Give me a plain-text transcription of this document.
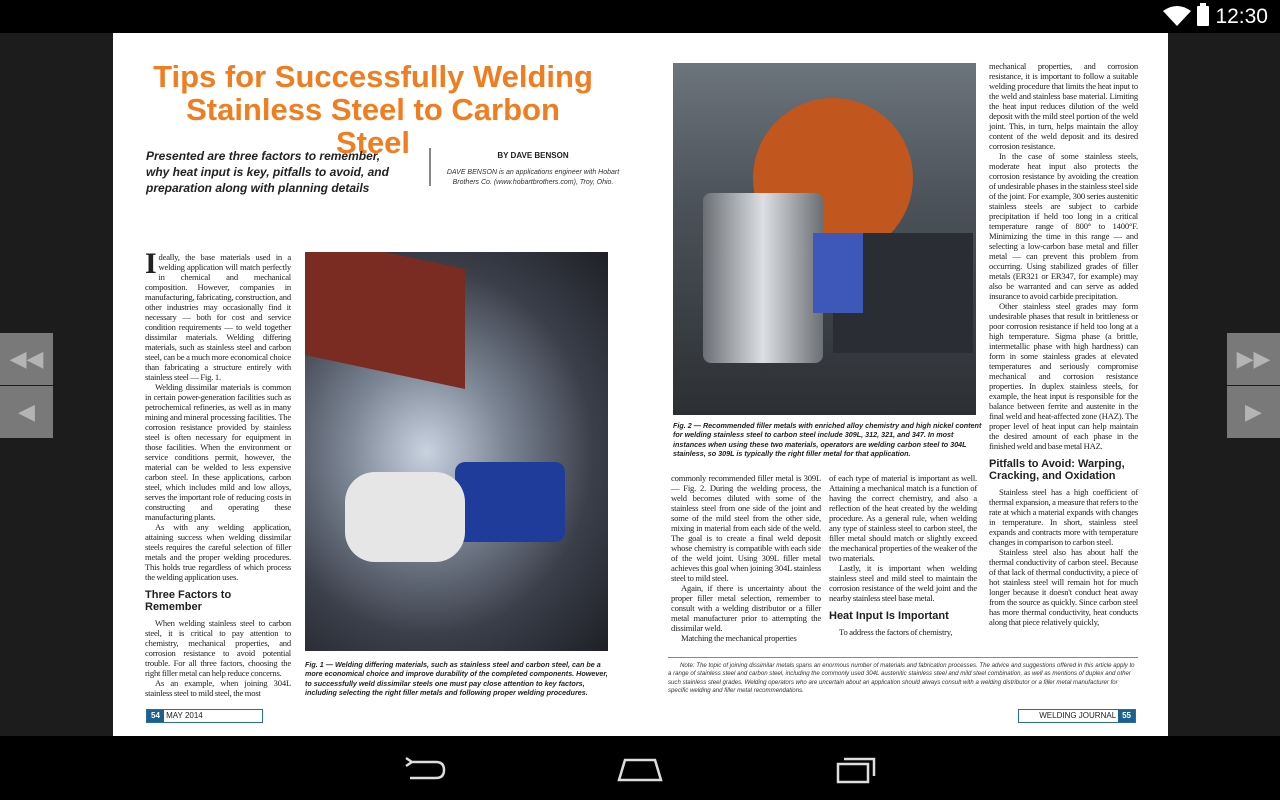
12:30
◀◀
◀
▶▶
▶
Tips for Successfully Welding Stainless Steel to Carbon Steel
Presented are three factors to remember, why heat input is key, pitfalls to avoid, and preparation along with planning details
BY DAVE BENSON
DAVE BENSON is an applications engineer with Hobart Brothers Co. (www.hobartbrothers.com), Troy, Ohio.

Ideally, the base materials used in a welding application will match perfectly in chemical and mechanical composition. However, companies in manufacturing, fabricating, construction, and other industries may occasionally find it necessary — both for cost and service condition requirements — to weld together dissimilar materials. Welding differing materials, such as stainless steel and carbon steel, can be a much more economical choice than fabricating a structure entirely with stainless steel — Fig. 1.

Welding dissimilar materials is common in certain power-generation facilities such as petrochemical refineries, as well as in many mining and mineral processing facilities. The corrosion resistance provided by stainless steel is often necessary for equipment in those facilities. When the environment or service conditions permit, however, the material can be welded to less expensive carbon steel. In these applications, carbon steel, which includes mild and low alloys, serves the important role of reducing costs in constructing and operating these manufacturing plants.

As with any welding application, attaining success when welding dissimilar steels requires the careful selection of filler metals and the proper welding procedures. This holds true regardless of which process the welding application uses.

Three Factors to Remember

When welding stainless steel to carbon steel, it is critical to pay attention to chemistry, mechanical properties, and corrosion resistance to avoid potential trouble. For all three factors, choosing the right filler metal can help reduce concerns.

As an example, when joining 304L stainless steel to mild steel, the most

Fig. 1 — Welding differing materials, such as stainless steel and carbon steel, can be a more economical choice and improve durability of the completed components. However, to successfully weld dissimilar steels one must pay close attention to key factors, including selecting the right filler metals and following proper welding procedures.
Fig. 2 — Recommended filler metals with enriched alloy chemistry and high nickel content for welding stainless steel to carbon steel include 309L, 312, 321, and 347. In most instances when using these two materials, operators are welding carbon steel to 304L stainless, so 309L is typically the right filler metal for that application.

commonly recommended filler metal is 309L — Fig. 2. During the welding process, the weld becomes diluted with some of the stainless steel from one side of the joint and some of the mild steel from the other side, mixing in material from each side of the weld. The goal is to create a final weld deposit whose chemistry is compatible with each side of the weld joint. Using 309L filler metal achieves this goal when joining 304L stainless steel to mild steel.

Again, if there is uncertainty about the proper filler metal selection, remember to consult with a welding distributor or a filler metal manufacturer prior to attempting the dissimilar weld.

Matching the mechanical properties

of each type of material is important as well. Attaining a mechanical match is a function of having the correct chemistry, and also a reflection of the heat created by the welding procedure. As a general rule, when welding any type of stainless steel to carbon steel, the filler metal should match or slightly exceed the mechanical properties of the weaker of the two materials.

Lastly, it is important when welding stainless steel and mild steel to maintain the corrosion resistance of the weld joint and the nearby stainless steel base metal.

Heat Input Is Important

To address the factors of chemistry,

mechanical properties, and corrosion resistance, it is important to follow a suitable welding procedure that limits the heat input to the weld and stainless base material. Limiting the heat input reduces dilution of the weld deposit with the mild steel portion of the weld joint. This, in turn, helps maintain the alloy content of the weld deposit and its desired corrosion resistance.

In the case of some stainless steels, moderate heat input also protects the corrosion resistance by avoiding the creation of undesirable phases in the stainless steel side of the joint. For example, 300 series austenitic stainless steels are subject to carbide precipitation if held too long in a critical temperature range of 800° to 1400°F. Minimizing the time in this range — and selecting a low-carbon base metal and filler metal — can prevent this problem from occurring. Using stabilized grades of filler metals (ER321 or ER347, for example) may also be warranted and can serve as added insurance to avoid carbide precipitation.

Other stainless steel grades may form undesirable phases that result in brittleness or poor corrosion resistance if held too long at a high temperature. Sigma phase (a brittle, intermetallic phase with high hardness) can form in some stainless grades at elevated temperatures and seriously compromise mechanical and corrosion resistance properties. In duplex stainless steels, for example, the heat input is responsible for the balance between ferrite and austenite in the final weld and heat-affected zone (HAZ). The proper level of heat input can help maintain the desired amount of each phase in the finished weld and base metal HAZ.

Pitfalls to Avoid: Warping, Cracking, and Oxidation

Stainless steel has a high coefficient of thermal expansion, a measure that refers to the rate at which a material expands with changes in temperature. In short, stainless steel expands and contracts more with temperature changes in comparison to carbon steel.

Stainless steel also has about half the thermal conductivity of carbon steel. Because of that lack of thermal conductivity, a piece of hot stainless steel will remain hot for much longer because it doesn't conduct heat away from the source as quickly. Since carbon steel has more thermal conductivity, heat conducts along that piece relatively quickly,

Note: The topic of joining dissimilar metals spans an enormous number of materials and fabrication processes. The advice and suggestions offered in this article apply to a range of stainless steel and carbon steel, including the commonly used 304L austenitic stainless steel and mild steel combination, as well as mentions of duplex and other such stainless steel grades. Welding operators who are uncertain about an application should always consult with a welding distributor or a filler metal manufacturer for specific welding and filler metal recommendations.
54 MAY 2014	WELDING JOURNAL 55
